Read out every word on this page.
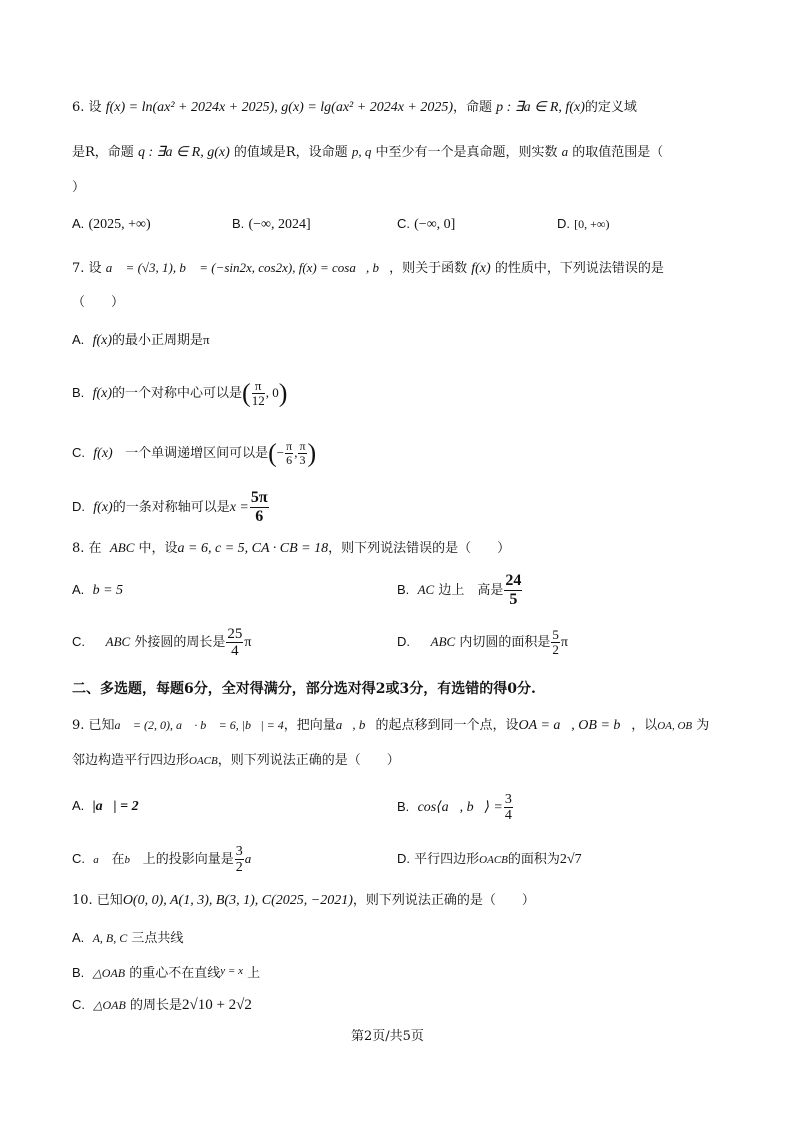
6. 设 f(x) = ln(ax² + 2024x + 2025), g(x) = lg(ax² + 2024x + 2025)，命题 p : ∃a ∈ R, f(x)的定义域
是R，命题 q : ∃a ∈ R, g(x) 的值域是R，设命题 p, q 中至少有一个是真命题，则实数 a 的取值范围是（
）
A. (2025, +∞)	B. (−∞, 2024]	C. (−∞, 0]	D. [0, +∞)
7. 设 a⃗ = (√3, 1), b⃗ = (−sin2x, cos2x), f(x) = cosa⃗, b⃗，则关于函数 f(x) 的性质中，下列说法错误的是
（　　）
A. f(x)的最小正周期是π
B. f(x)的一个对称中心可以是( $\frac{\pi}{12}$ , 0)
C. f(x) 一个单调递增区间可以是(− $\frac{\pi}{6}$ , $\frac{\pi}{3}$ )
D. f(x)的一条对称轴可以是$x = \frac{5\pi}{6}$
8. 在 ABC 中，设a = 6, c = 5, CA · CB = 18，则下列说法错误的是（　　）
A. b = 5	B. AC 边上　高是 $\frac{24}{5}$
C. ABC 外接圆的周长是 $\frac{25}{4}$ π	D. ABC 内切圆的面积是 $\frac{5}{2}$ π
二、多选题，每题6分，全对得满分，部分选对得2或3分，有选错的得0分.
9. 已知a⃗ = (2, 0), a⃗ · b⃗ = 6, |b⃗| = 4，把向量a⃗, b⃗的起点移到同一个点，设OA = a⃗, OB = b⃗，以OA, OB 为
邻边构造平行四边形OACB，则下列说法正确的是（　　）
A. |a⃗| = 2	B. cos⟨a⃗, b⃗⟩ = $\frac{3}{4}$
C. a⃗ 在b⃗ 上的投影向量是 $\frac{3}{2}$ a⃗	D. 平行四边形OACB的面积为2√7
10. 已知O(0, 0), A(1, 3), B(3, 1), C(2025, −2021)，则下列说法正确的是（　　）
A. A, B, C 三点共线
B. △OAB 的重心不在直线$^{y = x}$ 上
C. △OAB 的周长是2√10 + 2√2
第2页/共5页
